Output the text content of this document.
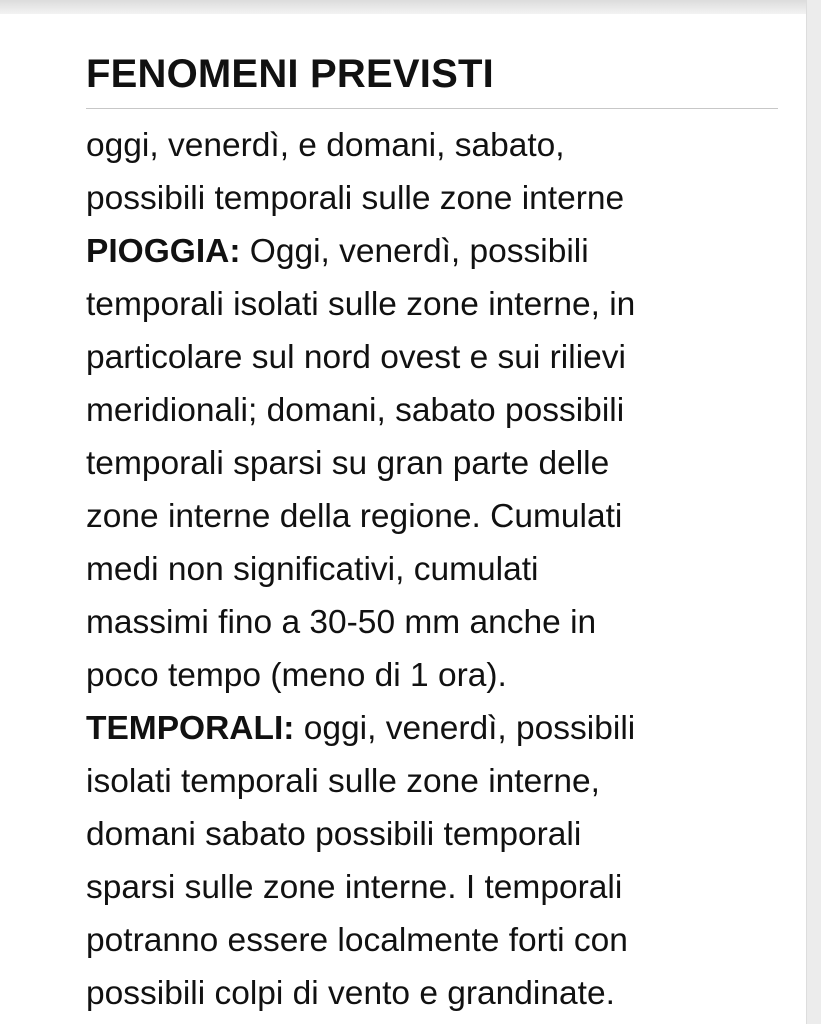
FENOMENI PREVISTI

oggi, venerdì, e domani, sabato,
possibili temporali sulle zone interne
PIOGGIA: Oggi, venerdì, possibili
temporali isolati sulle zone interne, in
particolare sul nord ovest e sui rilievi
meridionali; domani, sabato possibili
temporali sparsi su gran parte delle
zone interne della regione. Cumulati
medi non significativi, cumulati
massimi fino a 30-50 mm anche in
poco tempo (meno di 1 ora).
TEMPORALI: oggi, venerdì, possibili
isolati temporali sulle zone interne,
domani sabato possibili temporali
sparsi sulle zone interne. I temporali
potranno essere localmente forti con
possibili colpi di vento e grandinate.
